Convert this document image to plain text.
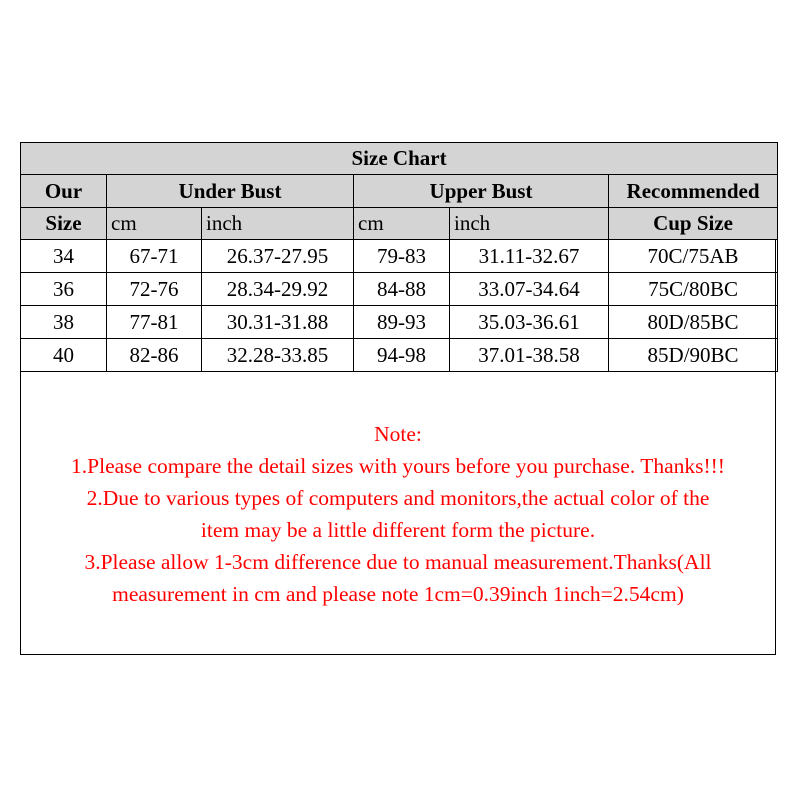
Size Chart					
Our	Under Bust		Upper Bust		Recommended
Size	cm	inch	cm	inch	Cup Size
34	67-71	26.37-27.95	79-83	31.11-32.67	70C/75AB
36	72-76	28.34-29.92	84-88	33.07-34.64	75C/80BC
38	77-81	30.31-31.88	89-93	35.03-36.61	80D/85BC
40	82-86	32.28-33.85	94-98	37.01-38.58	85D/90BC

Note:

1.Please compare the detail sizes with yours before you purchase. Thanks!!!

2.Due to various types of computers and monitors,the actual color of the

item may be a little different form the picture.

3.Please allow 1-3cm difference due to manual measurement.Thanks(All

measurement in cm and please note 1cm=0.39inch 1inch=2.54cm)
